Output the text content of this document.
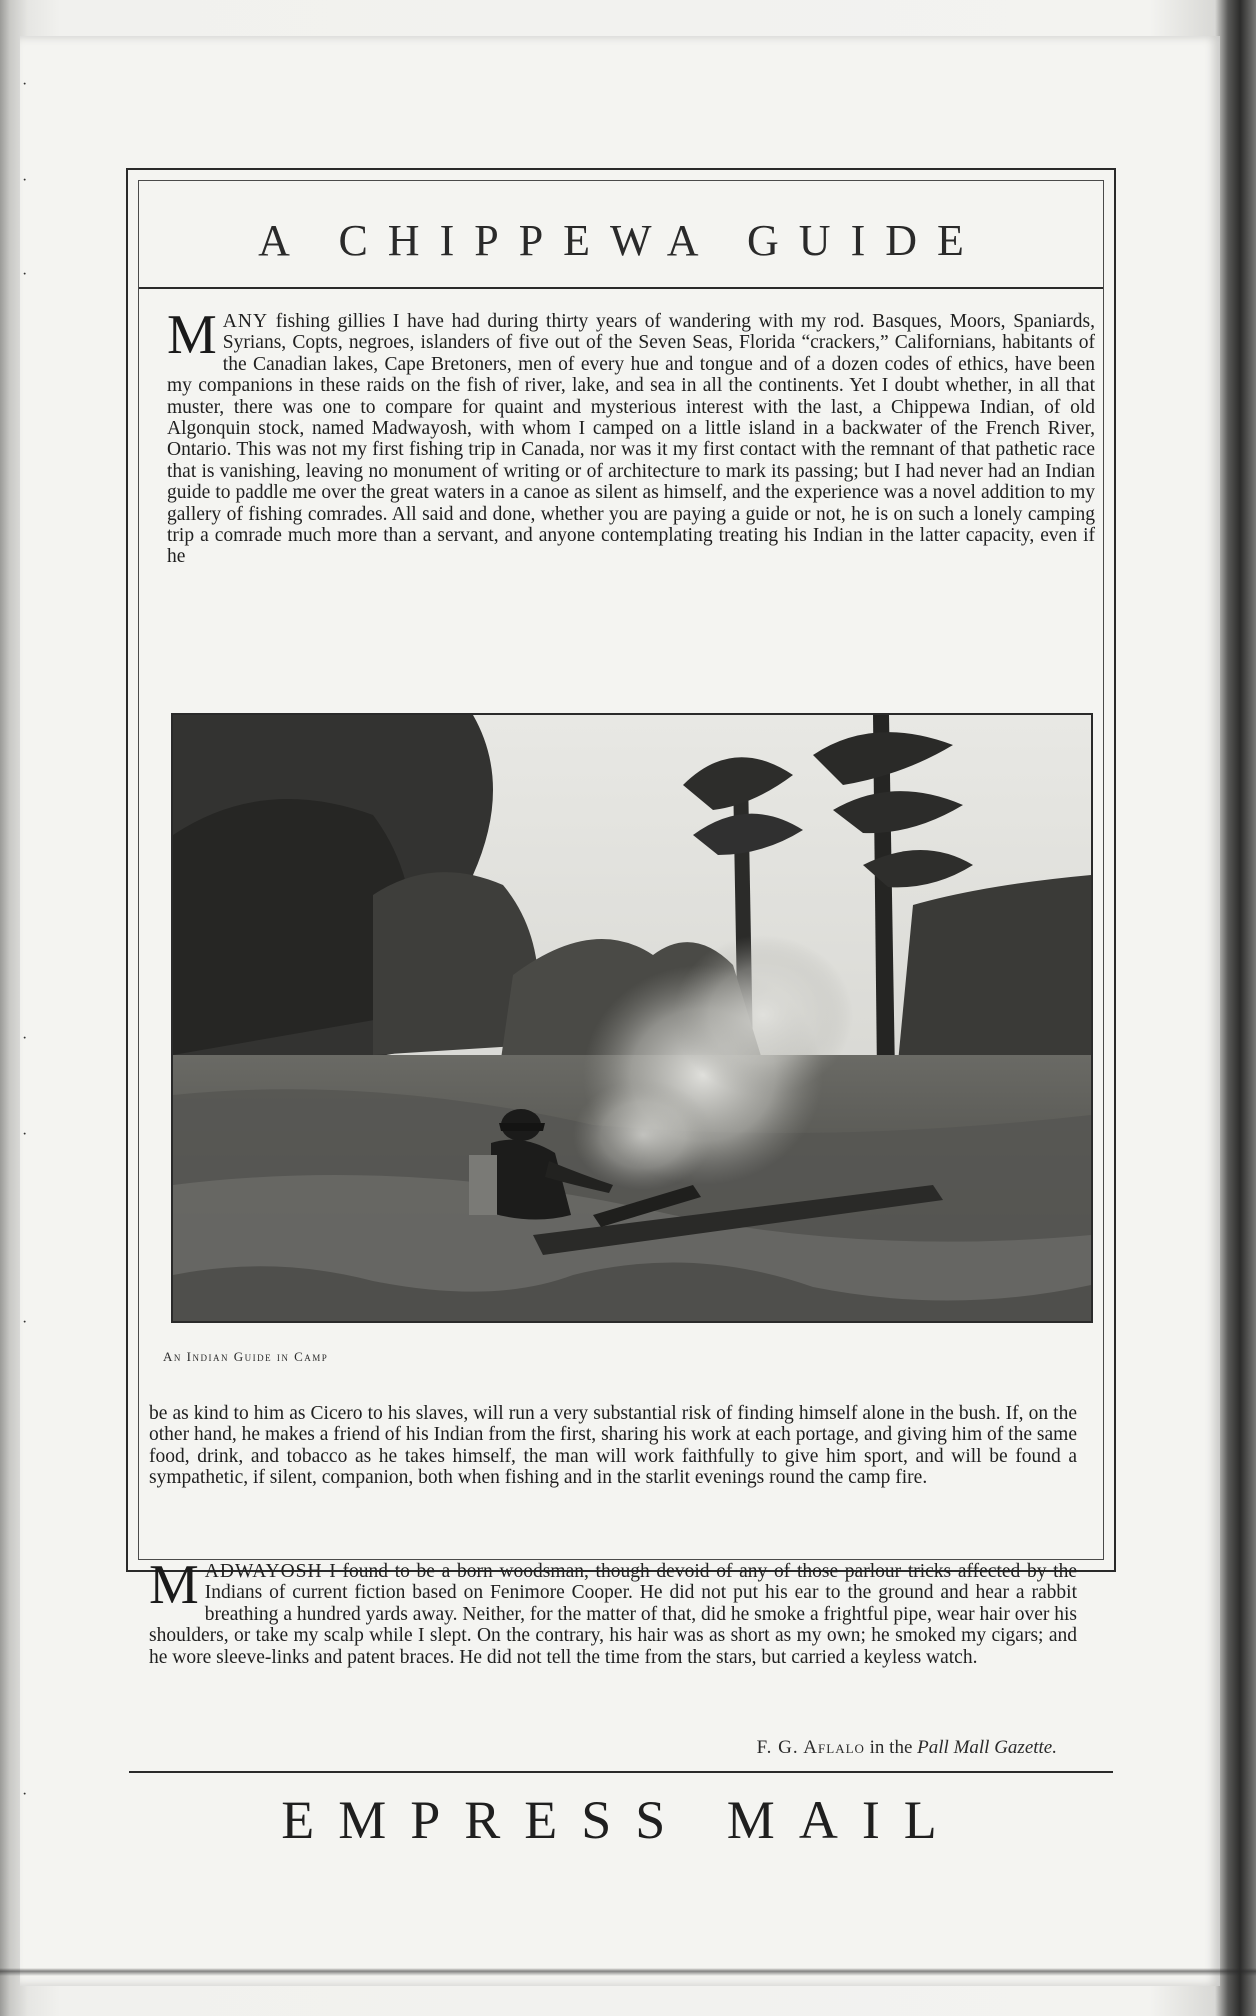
·
·
·
·
·
·
·
A CHIPPEWA GUIDE

MANY fishing gillies I have had during thirty years of wandering with my rod. Basques, Moors, Spaniards, Syrians, Copts, negroes, islanders of five out of the Seven Seas, Florida “crackers,” Californians, habitants of the Canadian lakes, Cape Bretoners, men of every hue and tongue and of a dozen codes of ethics, have been my companions in these raids on the fish of river, lake, and sea in all the continents. Yet I doubt whether, in all that muster, there was one to compare for quaint and mysterious interest with the last, a Chippewa Indian, of old Algonquin stock, named Madwayosh, with whom I camped on a little island in a backwater of the French River, Ontario. This was not my first fishing trip in Canada, nor was it my first contact with the remnant of that pathetic race that is vanishing, leaving no monument of writing or of architecture to mark its passing; but I had never had an Indian guide to paddle me over the great waters in a canoe as silent as himself, and the experience was a novel addition to my gallery of fishing comrades. All said and done, whether you are paying a guide or not, he is on such a lonely camping trip a comrade much more than a servant, and anyone contemplating treating his Indian in the latter capacity, even if he

An Indian Guide in Camp

be as kind to him as Cicero to his slaves, will run a very substantial risk of finding himself alone in the bush. If, on the other hand, he makes a friend of his Indian from the first, sharing his work at each portage, and giving him of the same food, drink, and tobacco as he takes himself, the man will work faithfully to give him sport, and will be found a sympathetic, if silent, companion, both when fishing and in the starlit evenings round the camp fire.

MADWAYOSH I found to be a born woodsman, though devoid of any of those parlour tricks affected by the Indians of current fiction based on Fenimore Cooper. He did not put his ear to the ground and hear a rabbit breathing a hundred yards away. Neither, for the matter of that, did he smoke a frightful pipe, wear hair over his shoulders, or take my scalp while I slept. On the contrary, his hair was as short as my own; he smoked my cigars; and he wore sleeve-links and patent braces. He did not tell the time from the stars, but carried a keyless watch.

F. G. Aflalo in the Pall Mall Gazette.
EMPRESS MAIL
